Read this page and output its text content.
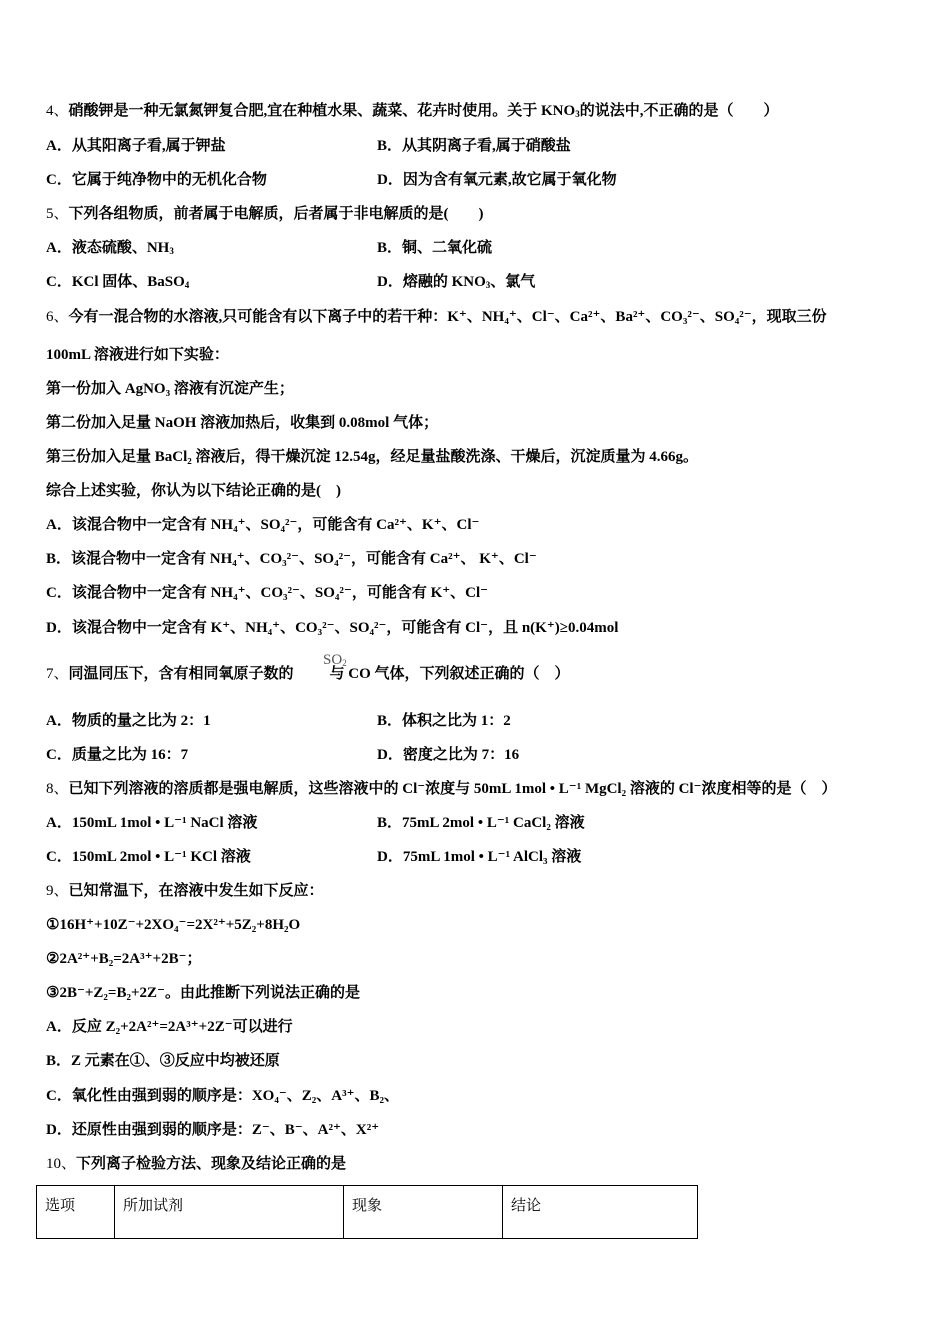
4、硝酸钾是一种无氯氮钾复合肥,宜在种植水果、蔬菜、花卉时使用。关于 $KNO_3$的说法中,不正确的是（　　）
A．从其阳离子看,属于钾盐	B．从其阴离子看,属于硝酸盐
C．它属于纯净物中的无机化合物	D．因为含有氧元素,故它属于氧化物
5、下列各组物质，前者属于电解质，后者属于非电解质的是(　　)
A．液态硫酸、$NH_3$	B．铜、二氧化硫
C．KCl 固体、BaSO$_4$	D．熔融的 $KNO_3$、氯气
6、今有一混合物的水溶液,只可能含有以下离子中的若干种：K⁺、NH₄⁺、Cl⁻、Ca²⁺、Ba²⁺、CO₃²⁻、SO₄²⁻，现取三份
100mL 溶液进行如下实验：
第一份加入 AgNO₃ 溶液有沉淀产生；
第二份加入足量 NaOH 溶液加热后，收集到 0.08mol 气体；
第三份加入足量 BaCl₂ 溶液后，得干燥沉淀 12.54g，经足量盐酸洗涤、干燥后，沉淀质量为 4.66g。
综合上述实验，你认为以下结论正确的是(　)
A．该混合物中一定含有 NH₄⁺、SO₄²⁻，可能含有 Ca²⁺、K⁺、Cl⁻
B．该混合物中一定含有 NH₄⁺、CO₃²⁻、SO₄²⁻，可能含有 Ca²⁺、 K⁺、Cl⁻
C．该混合物中一定含有 NH₄⁺、CO₃²⁻、SO₄²⁻，可能含有 K⁺、Cl⁻
D．该混合物中一定含有 K⁺、NH₄⁺、CO₃²⁻、SO₄²⁻，可能含有 Cl⁻，且 n(K⁺)≥0.04mol
7、同温同压下，含有相同氧原子数的 与 CO 气体，下列叙述正确的（　）
$SO_2$
A．物质的量之比为 2：1	B．体积之比为 1：2
C．质量之比为 16：7	D．密度之比为 7：16
8、已知下列溶液的溶质都是强电解质，这些溶液中的 Cl⁻浓度与 50mL 1mol • L⁻¹ MgCl₂ 溶液的 Cl⁻浓度相等的是（　）
A．150mL 1mol • L⁻¹ NaCl 溶液	B．75mL 2mol • L⁻¹ CaCl₂ 溶液
C．150mL 2mol • L⁻¹ KCl 溶液	D．75mL 1mol • L⁻¹ AlCl₃ 溶液
9、已知常温下，在溶液中发生如下反应：
①16H⁺+10Z⁻+2XO₄⁻=2X²⁺+5Z₂+8H₂O
②2A²⁺+B₂=2A³⁺+2B⁻；
③2B⁻+Z₂=B₂+2Z⁻。由此推断下列说法正确的是
A．反应 Z₂+2A²⁺=2A³⁺+2Z⁻可以进行
B．Z 元素在①、③反应中均被还原
C．氧化性由强到弱的顺序是：XO₄⁻、Z₂、A³⁺、B₂、
D．还原性由强到弱的顺序是：Z⁻、B⁻、A²⁺、X²⁺
10、下列离子检验方法、现象及结论正确的是
选项	所加试剂	现象	结论
